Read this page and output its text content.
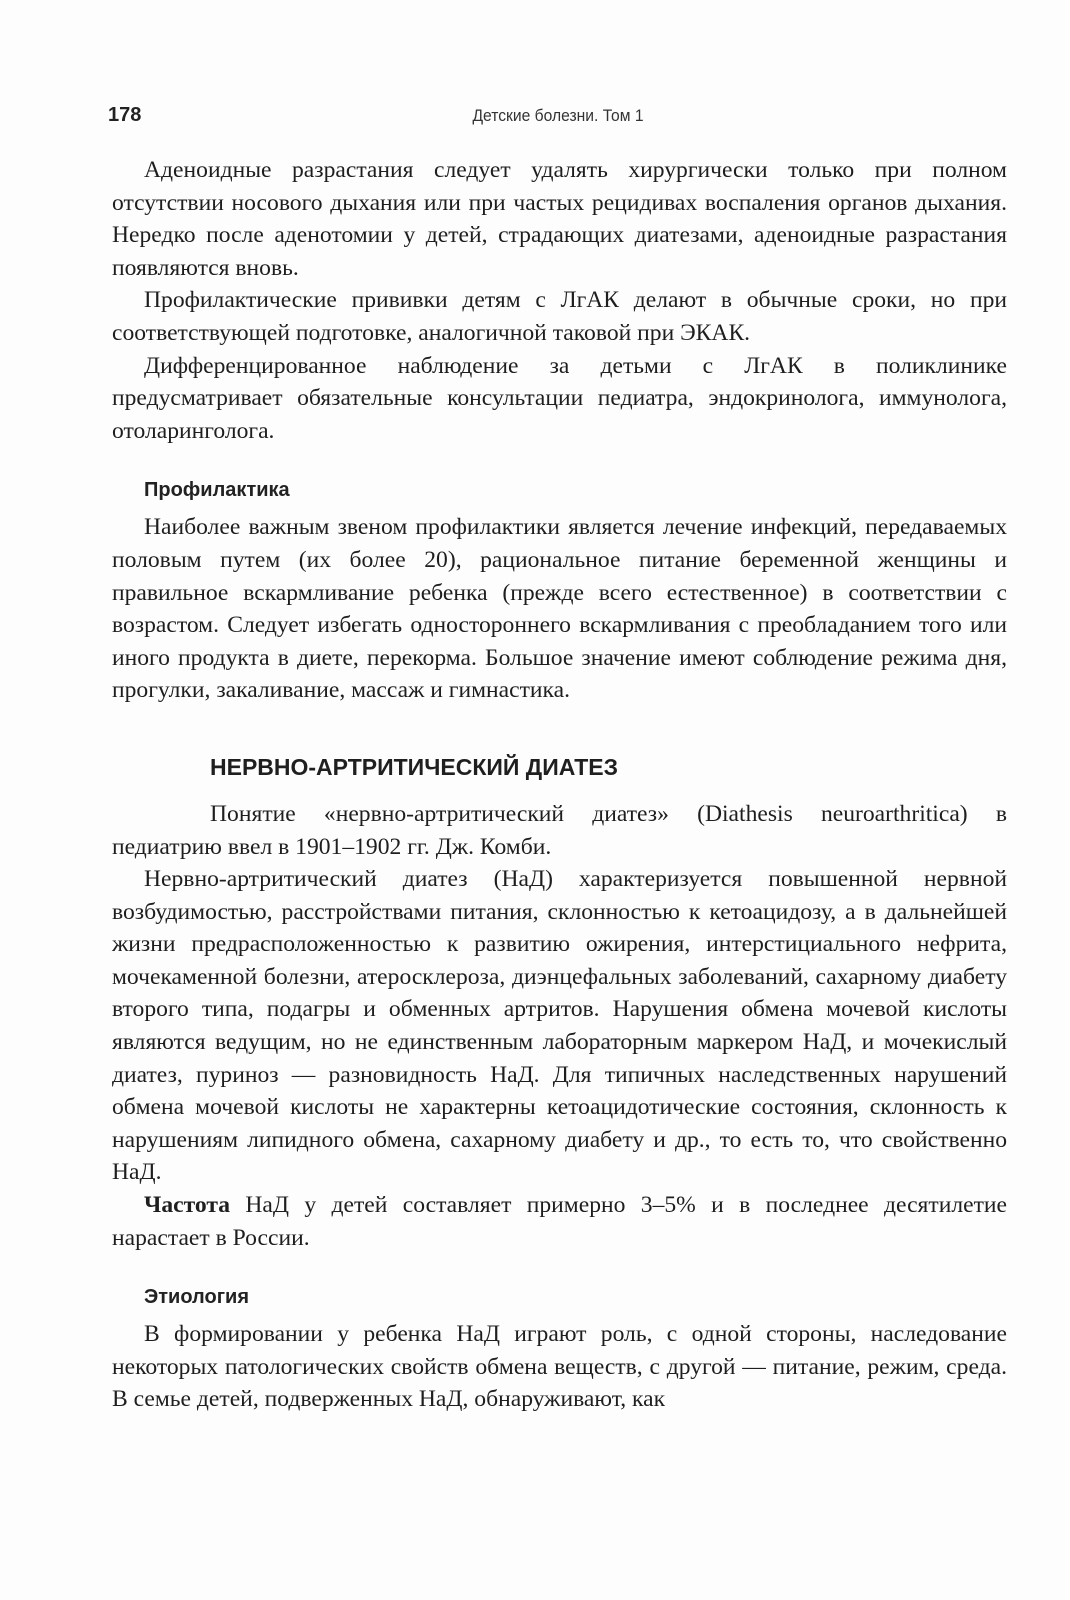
178	Детские болезни. Том 1

Аденоидные разрастания следует удалять хирургически только при полном отсутствии носового дыхания или при частых рецидивах воспаления органов дыхания. Нередко после аденотомии у детей, страдающих диатезами, аденоидные разрастания появляются вновь.

Профилактические прививки детям с ЛгАК делают в обычные сроки, но при соответствующей подготовке, аналогичной таковой при ЭКАК.

Дифференцированное наблюдение за детьми с ЛгАК в поликлинике предусматривает обязательные консультации педиатра, эндокринолога, иммунолога, отоларинголога.

Профилактика

Наиболее важным звеном профилактики является лечение инфекций, передаваемых половым путем (их более 20), рациональное питание беременной женщины и правильное вскармливание ребенка (прежде всего естественное) в соответствии с возрастом. Следует избегать одностороннего вскармливания с преобладанием того или иного продукта в диете, перекорма. Большое значение имеют соблюдение режима дня, прогулки, закаливание, массаж и гимнастика.

НЕРВНО-АРТРИТИЧЕСКИЙ ДИАТЕЗ

Понятие «нервно-артритический диатез» (Diathesis neuroarthritica) в педиатрию ввел в 1901–1902 гг. Дж. Комби.

Нервно-артритический диатез (НаД) характеризуется повышенной нервной возбудимостью, расстройствами питания, склонностью к кетоацидозу, а в дальнейшей жизни предрасположенностью к развитию ожирения, интерстициального нефрита, мочекаменной болезни, атеросклероза, диэнцефальных заболеваний, сахарному диабету второго типа, подагры и обменных артритов. Нарушения обмена мочевой кислоты являются ведущим, но не единственным лабораторным маркером НаД, и мочекислый диатез, пуриноз — разновидность НаД. Для типичных наследственных нарушений обмена мочевой кислоты не характерны кетоацидотические состояния, склонность к нарушениям липидного обмена, сахарному диабету и др., то есть то, что свойственно НаД.

Частота НаД у детей составляет примерно 3–5% и в последнее десятилетие нарастает в России.

Этиология

В формировании у ребенка НаД играют роль, с одной стороны, наследование некоторых патологических свойств обмена веществ, с другой — питание, режим, среда. В семье детей, подверженных НаД, обнаруживают, как
